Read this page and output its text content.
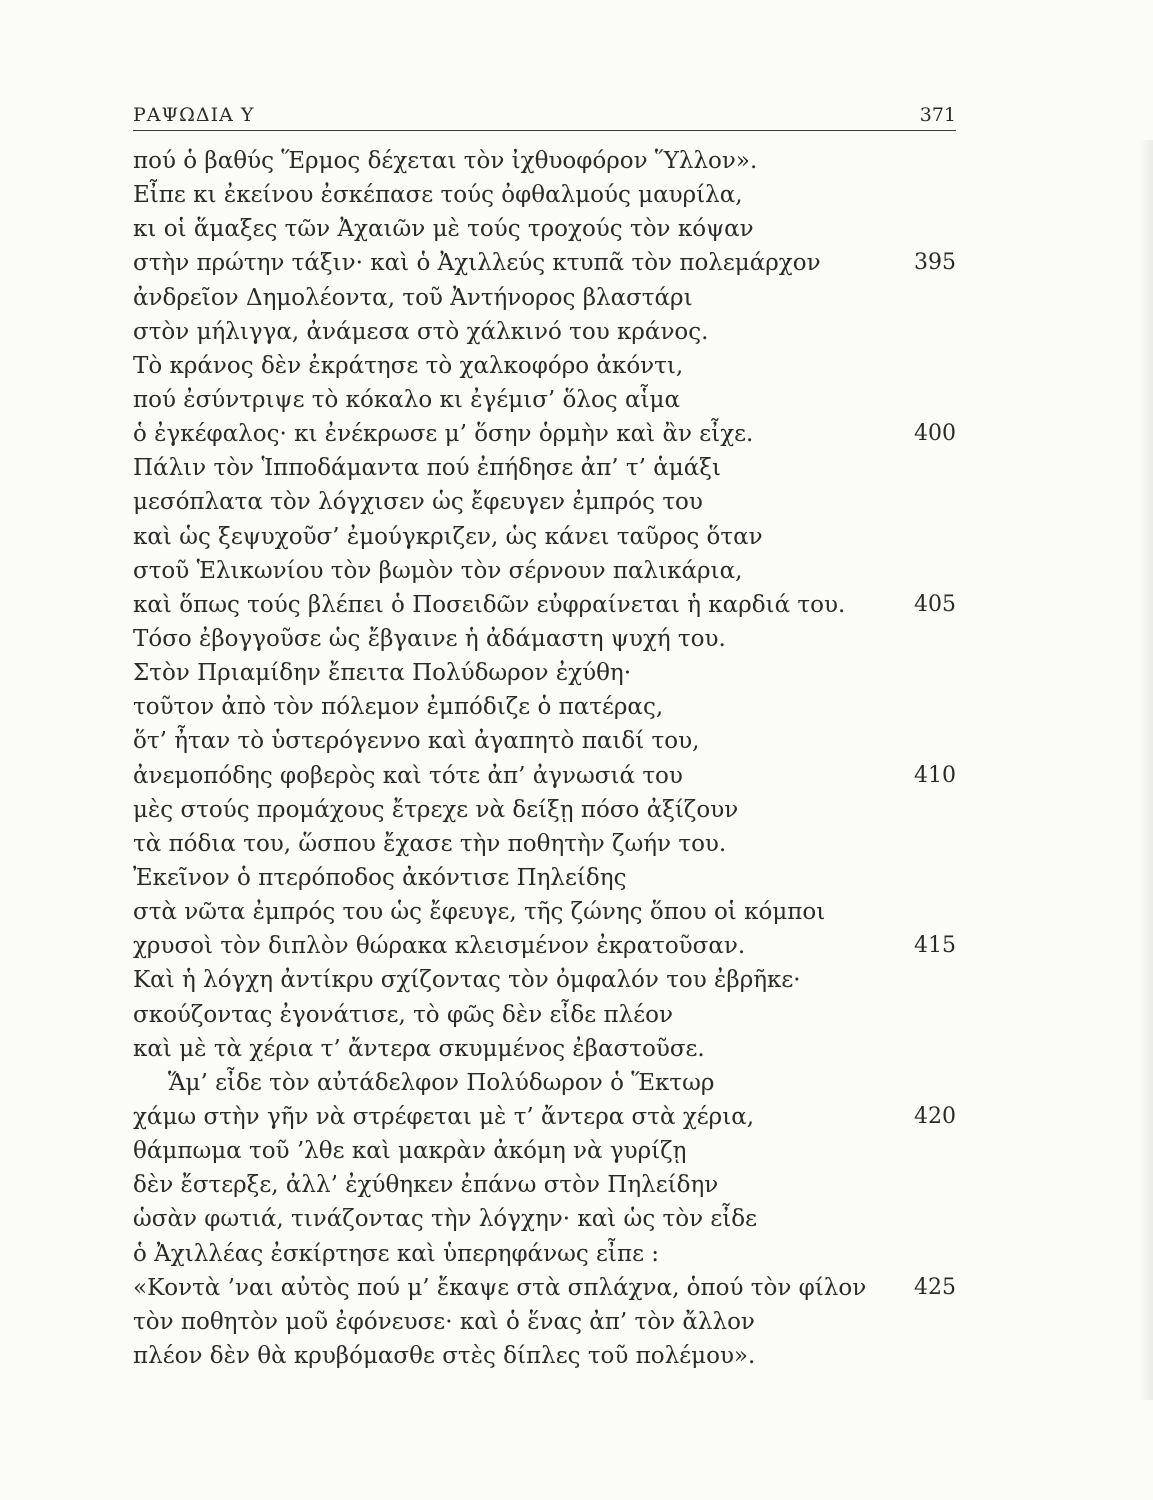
ΡΑΨΩΔΙΑ Υ	371
πού ὁ βαθύς Ἕρμος δέχεται τὸν ἰχθυοφόρον Ὕλλον».
Εἶπε κι ἐκείνου ἐσκέπασε τούς ὀφθαλμούς μαυρίλα,
κι οἱ ἅμαξες τῶν Ἀχαιῶν μὲ τούς τροχούς τὸν κόψαν
στὴν πρώτην τάξιν· καὶ ὁ Ἀχιλλεύς κτυπᾶ τὸν πολεμάρχον	395
ἀνδρεῖον Δημολέοντα, τοῦ Ἀντήνορος βλαστάρι
στὸν μήλιγγα, ἀνάμεσα στὸ χάλκινό του κράνος.
Τὸ κράνος δὲν ἐκράτησε τὸ χαλκοφόρο ἀκόντι,
πού ἐσύντριψε τὸ κόκαλο κι ἐγέμισ’ ὅλος αἷμα
ὁ ἐγκέφαλος· κι ἐνέκρωσε μ’ ὅσην ὁρμὴν καὶ ἂν εἶχε.	400
Πάλιν τὸν Ἱπποδάμαντα πού ἐπήδησε ἀπ’ τ’ ἁμάξι
μεσόπλατα τὸν λόγχισεν ὡς ἔφευγεν ἐμπρός του
καὶ ὡς ξεψυχοῦσ’ ἐμούγκριζεν, ὡς κάνει ταῦρος ὅταν
στοῦ Ἑλικωνίου τὸν βωμὸν τὸν σέρνουν παλικάρια,
καὶ ὅπως τούς βλέπει ὁ Ποσειδῶν εὐφραίνεται ἡ καρδιά του.	405
Τόσο ἐβογγοῦσε ὡς ἔβγαινε ἡ ἀδάμαστη ψυχή του.
Στὸν Πριαμίδην ἔπειτα Πολύδωρον ἐχύθη·
τοῦτον ἀπὸ τὸν πόλεμον ἐμπόδιζε ὁ πατέρας,
ὅτ’ ἦταν τὸ ὑστερόγεννο καὶ ἀγαπητὸ παιδί του,
ἀνεμοπόδης φοβερὸς καὶ τότε ἀπ’ ἀγνωσιά του	410
μὲς στούς προμάχους ἔτρεχε νὰ δείξῃ πόσο ἀξίζουν
τὰ πόδια του, ὥσπου ἔχασε τὴν ποθητὴν ζωήν του.
Ἐκεῖνον ὁ πτερόποδος ἀκόντισε Πηλείδης
στὰ νῶτα ἐμπρός του ὡς ἔφευγε, τῆς ζώνης ὅπου οἱ κόμποι
χρυσοὶ τὸν διπλὸν θώρακα κλεισμένον ἐκρατοῦσαν.	415
Καὶ ἡ λόγχη ἀντίκρυ σχίζοντας τὸν ὀμφαλόν του ἐβρῆκε·
σκούζοντας ἐγονάτισε, τὸ φῶς δὲν εἶδε πλέον
καὶ μὲ τὰ χέρια τ’ ἄντερα σκυμμένος ἐβαστοῦσε.
Ἅμ’ εἶδε τὸν αὐτάδελφον Πολύδωρον ὁ Ἕκτωρ
χάμω στὴν γῆν νὰ στρέφεται μὲ τ’ ἄντερα στὰ χέρια,	420
θάμπωμα τοῦ ’λθε καὶ μακρὰν ἀκόμη νὰ γυρίζῃ
δὲν ἔστερξε, ἀλλ’ ἐχύθηκεν ἐπάνω στὸν Πηλείδην
ὡσὰν φωτιά, τινάζοντας τὴν λόγχην· καὶ ὡς τὸν εἶδε
ὁ Ἀχιλλέας ἐσκίρτησε καὶ ὑπερηφάνως εἶπε :
«Κοντὰ ’ναι αὐτὸς πού μ’ ἔκαψε στὰ σπλάχνα, ὁπού τὸν φίλον 425
τὸν ποθητὸν μοῦ ἐφόνευσε· καὶ ὁ ἕνας ἀπ’ τὸν ἄλλον
πλέον δὲν θὰ κρυβόμασθε στὲς δίπλες τοῦ πολέμου».
